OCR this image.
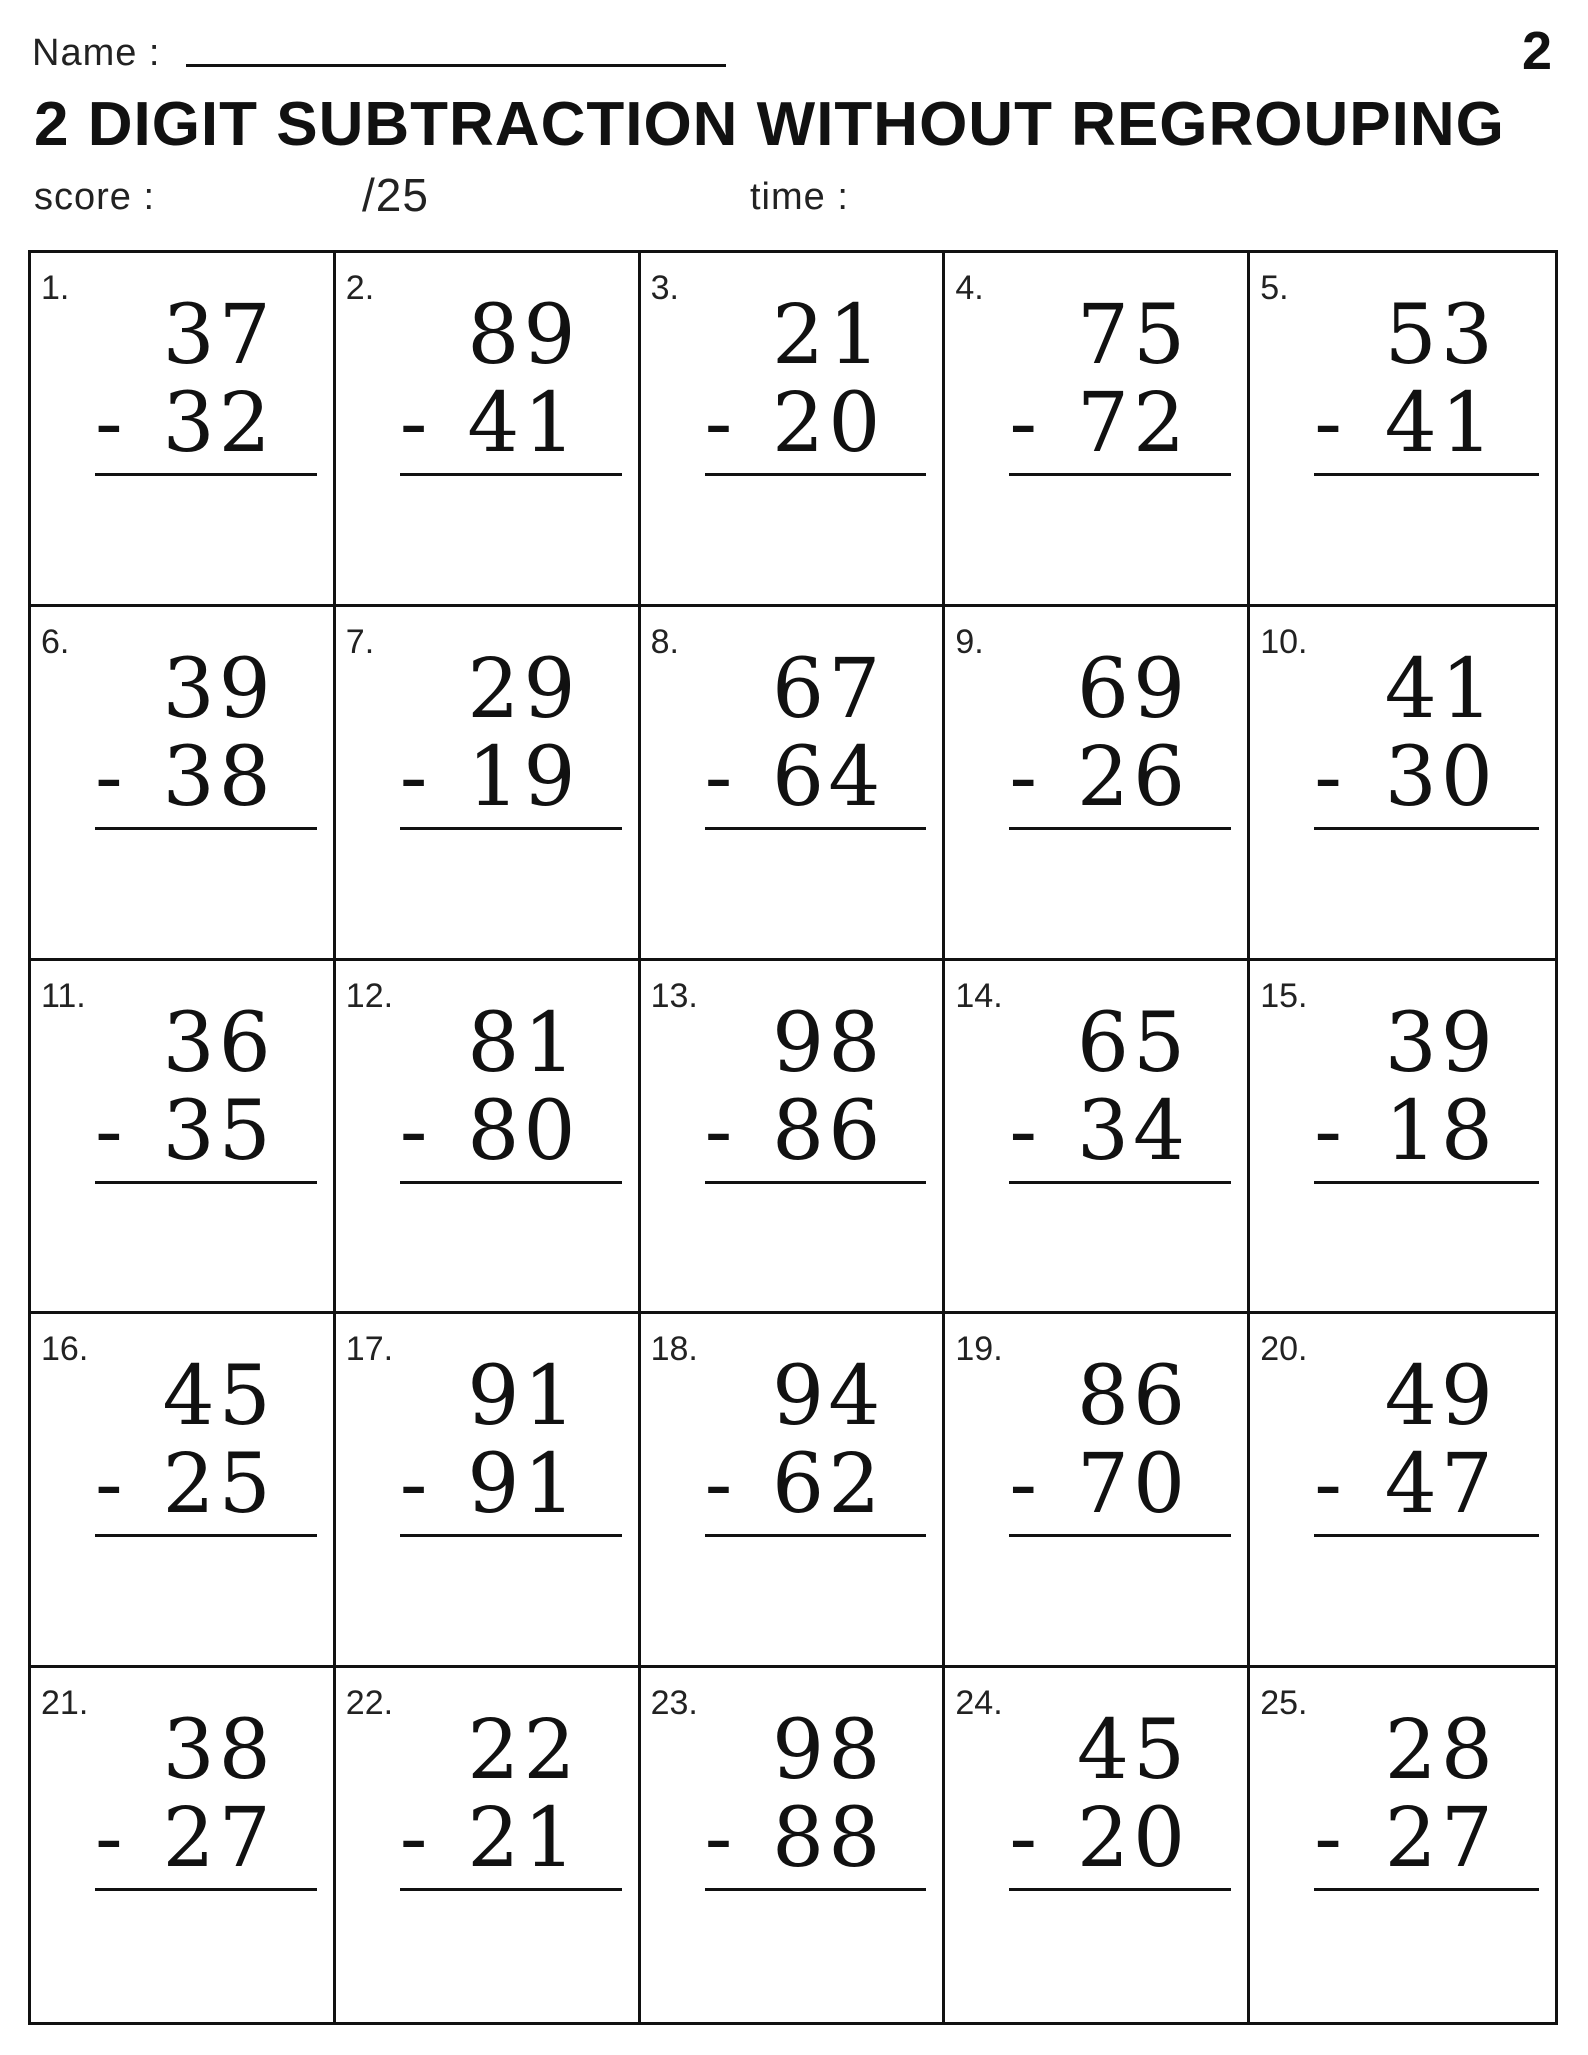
Name :	2
2 DIGIT SUBTRACTION WITHOUT REGROUPING
score :	/25	time :
1. 37
- 32
2. 89
- 41
3. 21
- 20
4. 75
- 72
5. 53
- 41
6. 39
- 38
7. 29
- 19
8. 67
- 64
9. 69
- 26
10. 41
- 30
11. 36
- 35
12. 81
- 80
13. 98
- 86
14. 65
- 34
15. 39
- 18
16. 45
- 25
17. 91
- 91
18. 94
- 62
19. 86
- 70
20. 49
- 47
21. 38
- 27
22. 22
- 21
23. 98
- 88
24. 45
- 20
25. 28
- 27
